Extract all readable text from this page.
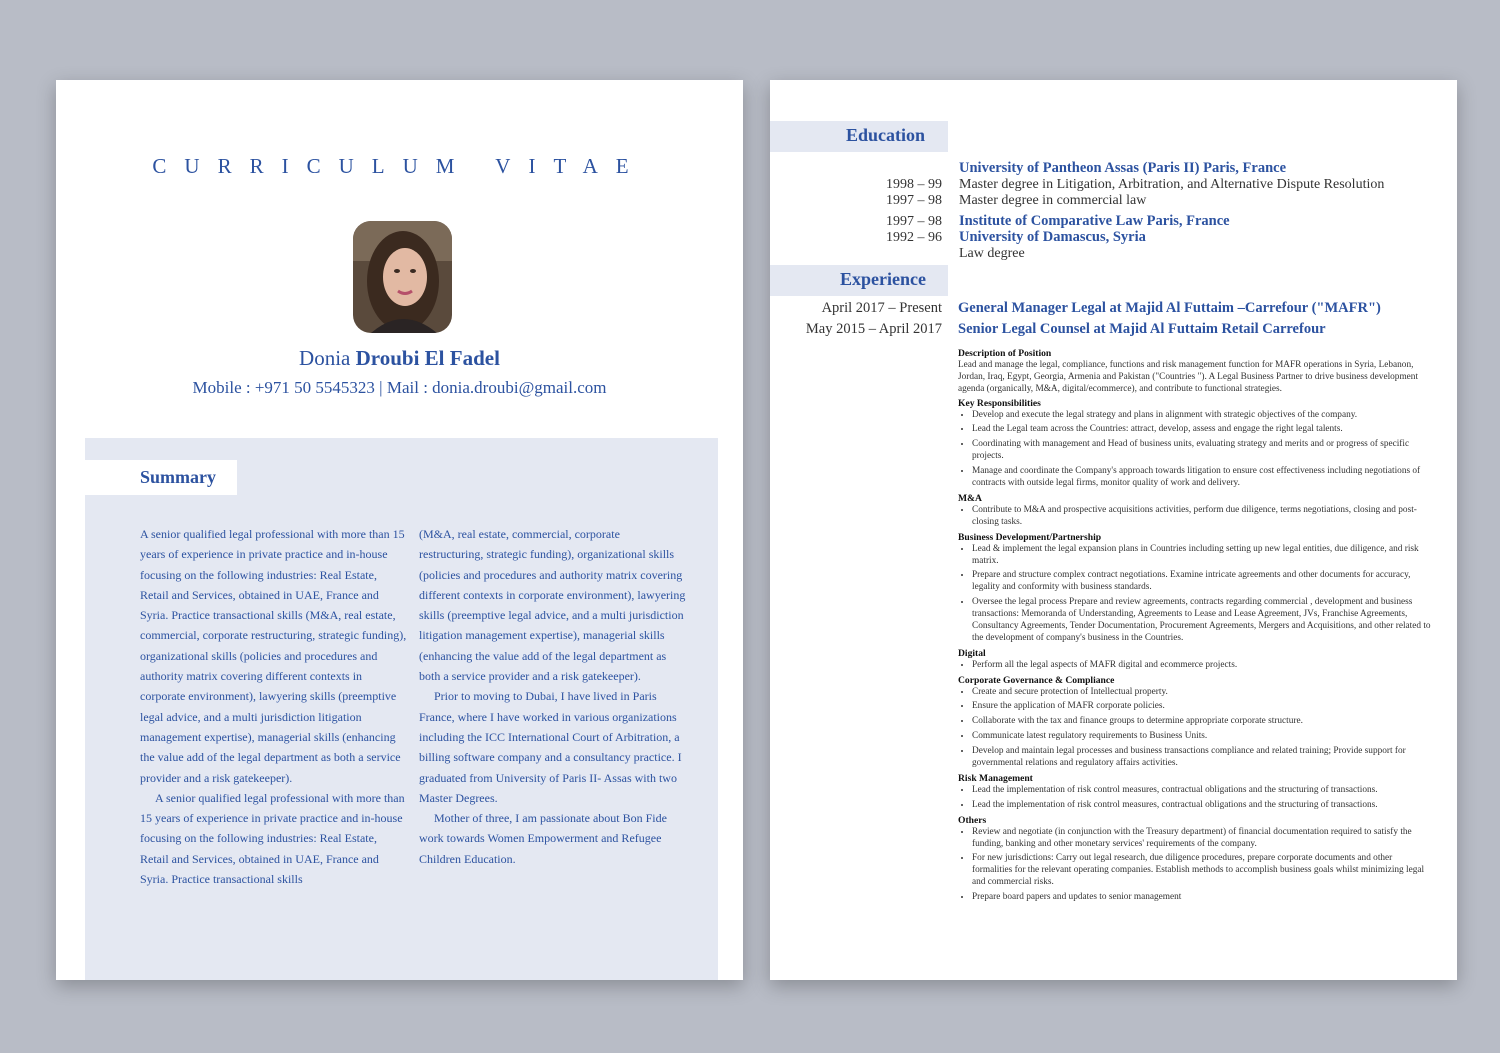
CURRICULUM VITAE
Donia Droubi El Fadel
Mobile : +971 50 5545323 | Mail : donia.droubi@gmail.com
Summary

A senior qualified legal professional with more than 15 years of experience in private practice and in-house focusing on the following industries: Real Estate, Retail and Services, obtained in UAE, France and Syria. Practice transactional skills (M&A, real estate, commercial, corporate restructuring, strategic funding), organizational skills (policies and procedures and authority matrix covering different contexts in corporate environment), lawyering skills (preemptive legal advice, and a multi jurisdiction litigation management expertise), managerial skills (enhancing the value add of the legal department as both a service provider and a risk gatekeeper).

A senior qualified legal professional with more than 15 years of experience in private practice and in-house focusing on the following industries: Real Estate, Retail and Services, obtained in UAE, France and Syria. Practice transactional skills

(M&A, real estate, commercial, corporate restructuring, strategic funding), organizational skills (policies and procedures and authority matrix covering different contexts in corporate environment), lawyering skills (preemptive legal advice, and a multi jurisdiction litigation management expertise), managerial skills (enhancing the value add of the legal department as both a service provider and a risk gatekeeper).

Prior to moving to Dubai, I have lived in Paris France, where I have worked in various organizations including the ICC International Court of Arbitration, a billing software company and a consultancy practice. I graduated from University of Paris II- Assas with two Master Degrees.

Mother of three, I am passionate about Bon Fide work towards Women Empowerment and Refugee Children Education.

Education
University of Pantheon Assas (Paris II) Paris, France
1998 – 99 Master degree in Litigation, Arbitration, and Alternative Dispute Resolution
1997 – 98 Master degree in commercial law
1997 – 98 Institute of Comparative Law Paris, France
1992 – 96 University of Damascus, Syria
Law degree
Experience
April 2017 – Present General Manager Legal at Majid Al Futtaim –Carrefour ("MAFR")
May 2015 – April 2017 Senior Legal Counsel at Majid Al Futtaim Retail Carrefour
Description of Position

Lead and manage the legal, compliance, functions and risk management function for MAFR operations in Syria, Lebanon, Jordan, Iraq, Egypt, Georgia, Armenia and Pakistan ("Countries "). A Legal Business Partner to drive business development agenda (organically, M&A, digital/ecommerce), and contribute to functional strategies.

Key Responsibilities
• Develop and execute the legal strategy and plans in alignment with strategic objectives of the company.
• Lead the Legal team across the Countries: attract, develop, assess and engage the right legal talents.
• Coordinating with management and Head of business units, evaluating strategy and merits and or progress of specific projects.
• Manage and coordinate the Company's approach towards litigation to ensure cost effectiveness including negotiations of contracts with outside legal firms, monitor quality of work and delivery.
M&A
• Contribute to M&A and prospective acquisitions activities, perform due diligence, terms negotiations, closing and post-closing tasks.
Business Development/Partnership
• Lead & implement the legal expansion plans in Countries including setting up new legal entities, due diligence, and risk matrix.
• Prepare and structure complex contract negotiations. Examine intricate agreements and other documents for accuracy, legality and conformity with business standards.
• Oversee the legal process Prepare and review agreements, contracts regarding commercial , development and business transactions: Memoranda of Understanding, Agreements to Lease and Lease Agreement, JVs, Franchise Agreements, Consultancy Agreements, Tender Documentation, Procurement Agreements, Mergers and Acquisitions, and other related to the development of company's business in the Countries.
Digital
• Perform all the legal aspects of MAFR digital and ecommerce projects.
Corporate Governance & Compliance
• Create and secure protection of Intellectual property.
• Ensure the application of MAFR corporate policies.
• Collaborate with the tax and finance groups to determine appropriate corporate structure.
• Communicate latest regulatory requirements to Business Units.
• Develop and maintain legal processes and business transactions compliance and related training; Provide support for governmental relations and regulatory affairs activities.
Risk Management
• Lead the implementation of risk control measures, contractual obligations and the structuring of transactions.
• Lead the implementation of risk control measures, contractual obligations and the structuring of transactions.
Others
• Review and negotiate (in conjunction with the Treasury department) of financial documentation required to satisfy the funding, banking and other monetary services' requirements of the company.
• For new jurisdictions: Carry out legal research, due diligence procedures, prepare corporate documents and other formalities for the relevant operating companies. Establish methods to accomplish business goals whilst minimizing legal and commercial risks.
• Prepare board papers and updates to senior management
